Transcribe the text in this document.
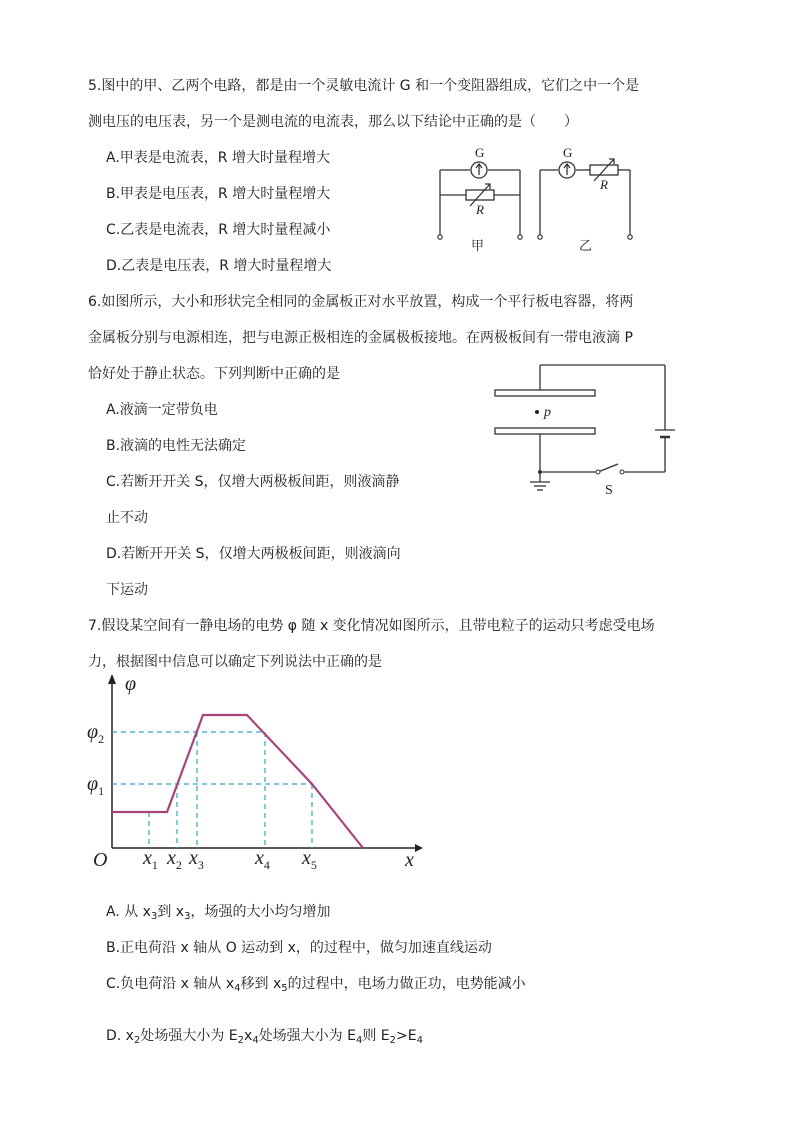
5.图中的甲、乙两个电路，都是由一个灵敏电流计 G 和一个变阻器组成，它们之中一个是
测电压的电压表，另一个是测电流的电流表，那么以下结论中正确的是（　　）
A.甲表是电流表，R 增大时量程增大
B.甲表是电压表，R 增大时量程增大
C.乙表是电流表，R 增大时量程减小
D.乙表是电压表，R 增大时量程增大
G	G
R
R
甲	乙
6.如图所示，大小和形状完全相同的金属板正对水平放置，构成一个平行板电容器，将两
金属板分别与电源相连，把与电源正极相连的金属极板接地。在两极板间有一带电液滴 P
恰好处于静止状态。下列判断中正确的是
A.液滴一定带负电
B.液滴的电性无法确定
C.若断开开关 S，仅增大两极板间距，则液滴静
止不动
D.若断开开关 S，仅增大两极板间距，则液滴向
下运动
p
S
7.假设某空间有一静电场的电势 φ 随 x 变化情况如图所示，且带电粒子的运动只考虑受电场
力，根据图中信息可以确定下列说法中正确的是
φ
$\varphi_2$
$\varphi_1$
O	x
$x_1$ $x_2$ $x_3$	$x_4$ $x_5$
A. 从 $x_3$到 $x_3$，场强的大小均匀增加
B.正电荷沿 x 轴从 O 运动到 x，的过程中，做匀加速直线运动
C.负电荷沿 x 轴从 $x_4$移到 $x_5$的过程中，电场力做正功，电势能减小
D. $x_2$处场强大小为 $E_2x_4$处场强大小为 $E_4$则 $E_2>E_4$
